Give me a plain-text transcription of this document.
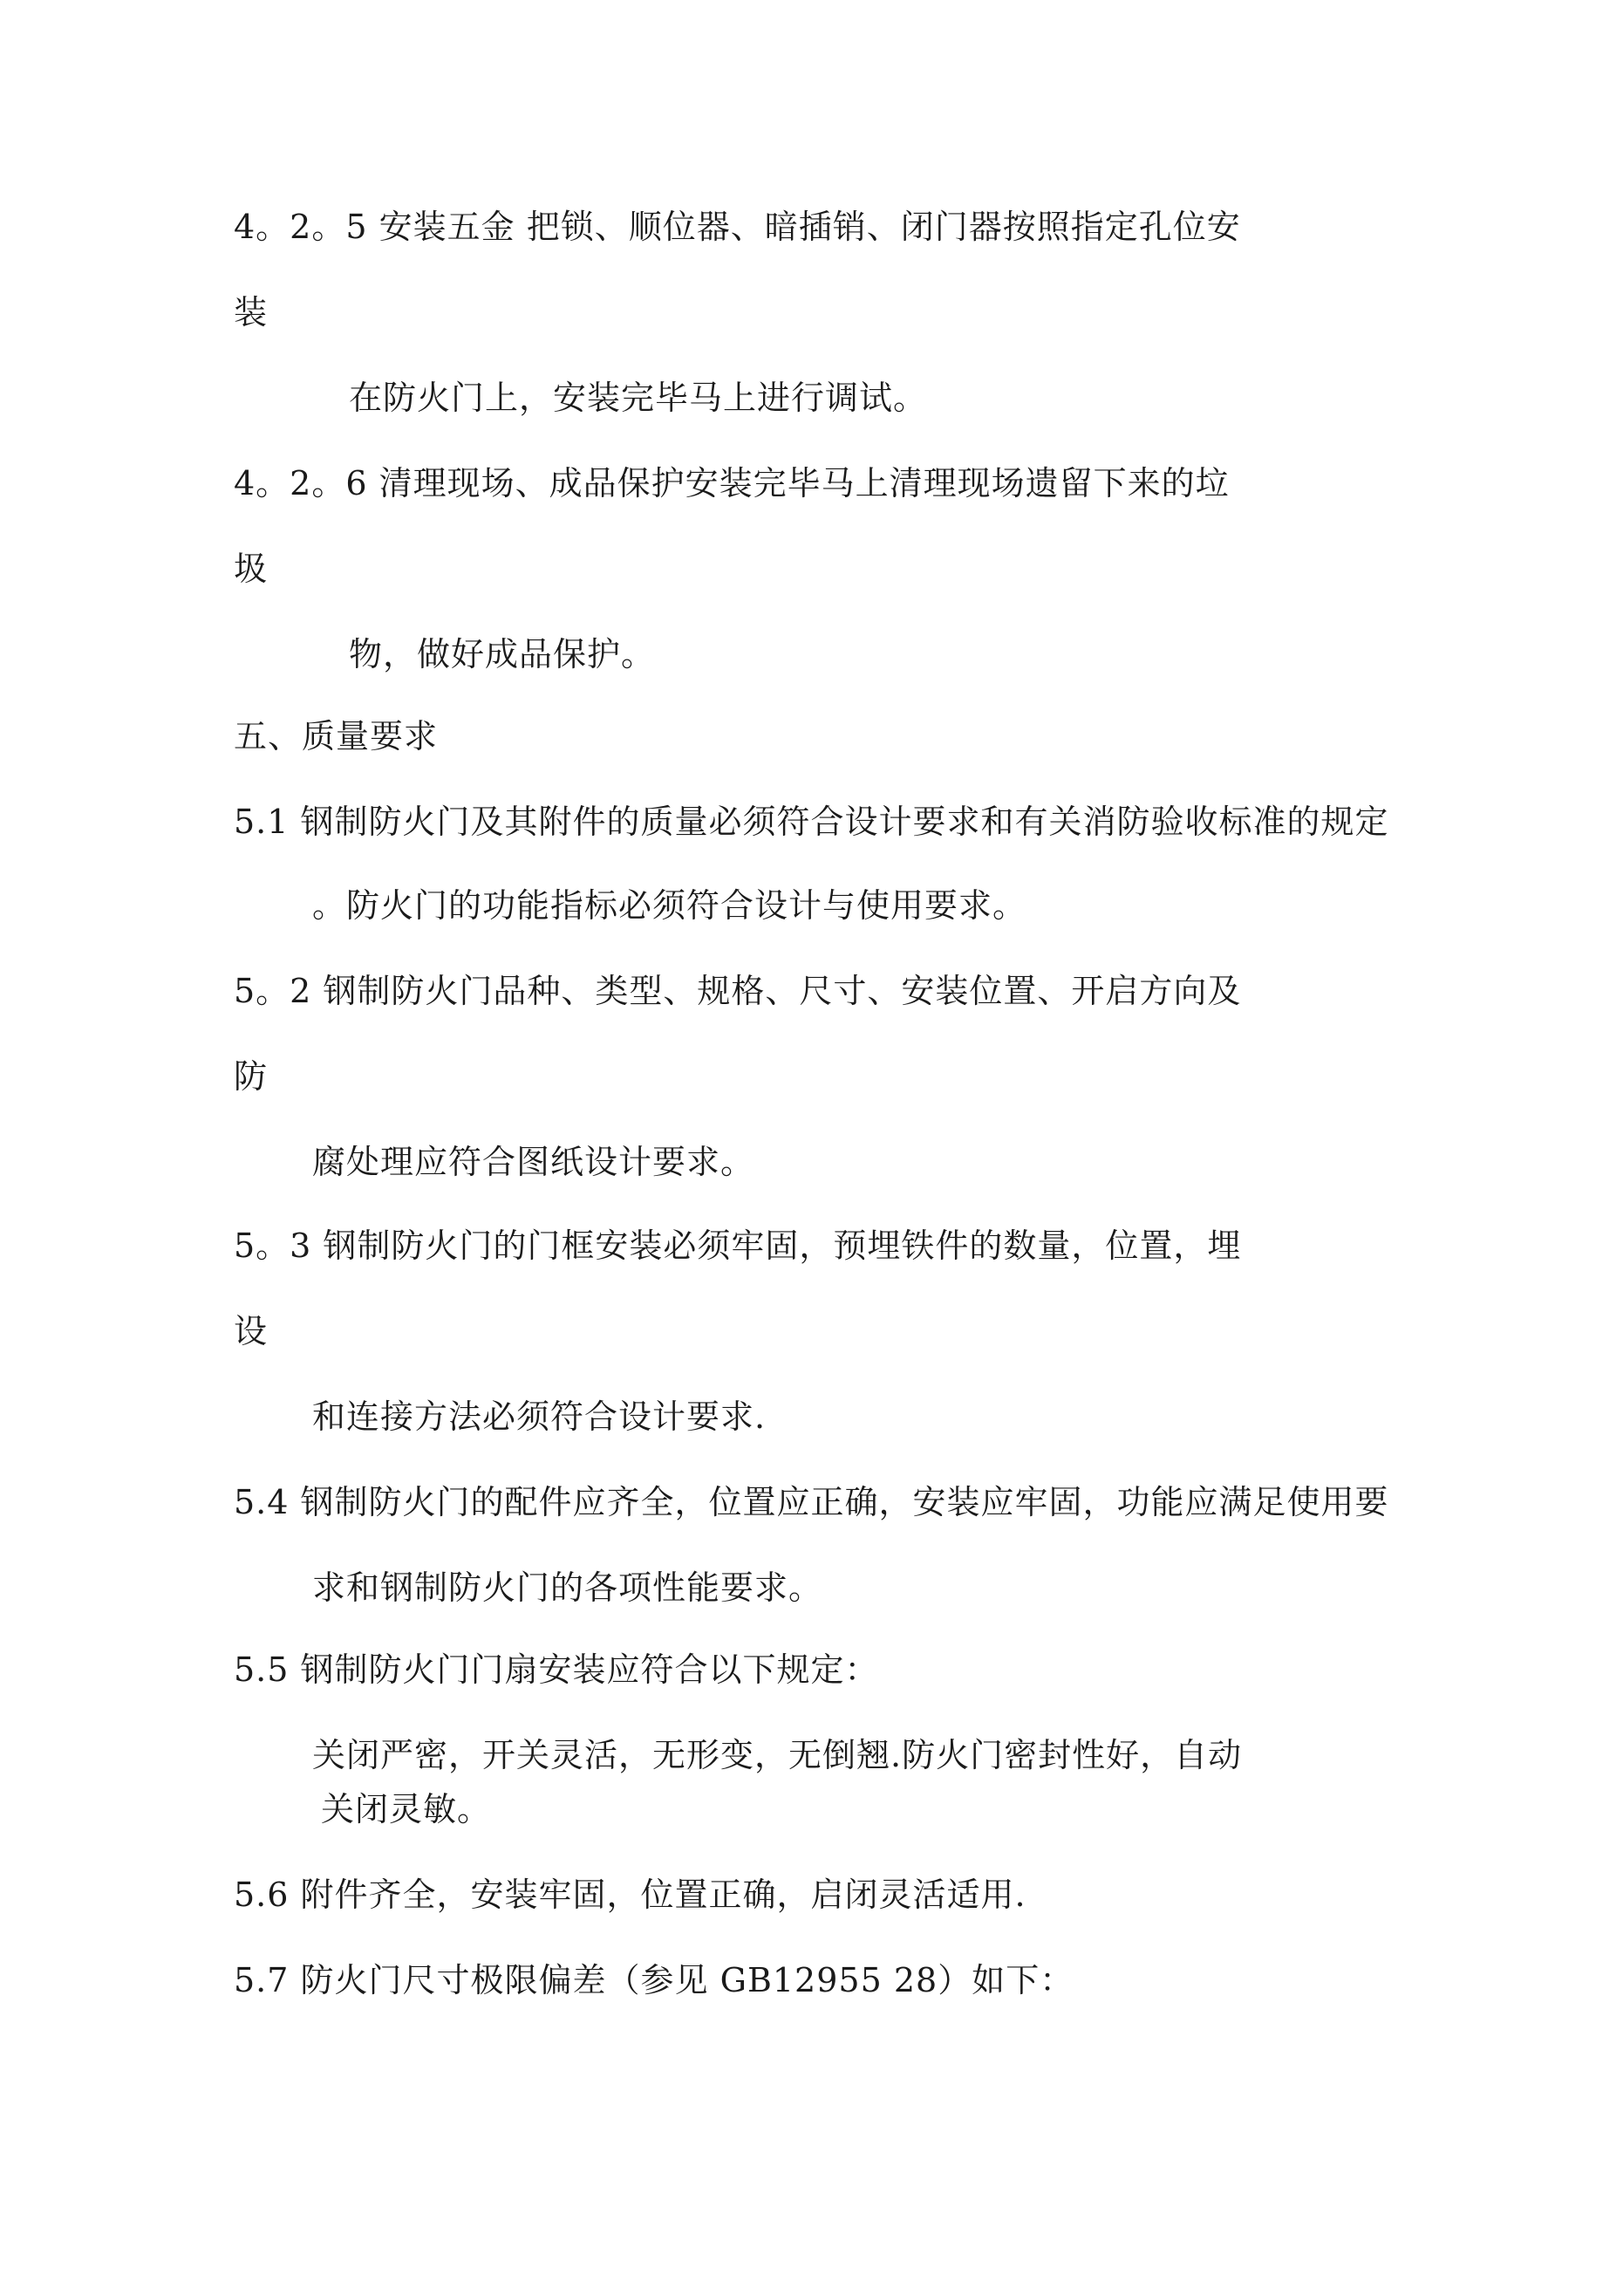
4。2。5 安装五金 把锁、顺位器、暗插销、闭门器按照指定孔位安
装
在防火门上，安装完毕马上进行调试。
4。2。6 清理现场、成品保护安装完毕马上清理现场遗留下来的垃
圾
物，做好成品保护。
五、质量要求
5.1 钢制防火门及其附件的质量必须符合设计要求和有关消防验收标准的规定
。防火门的功能指标必须符合设计与使用要求。
5。2 钢制防火门品种、类型、规格、尺寸、安装位置、开启方向及
防
腐处理应符合图纸设计要求。
5。3 钢制防火门的门框安装必须牢固，预埋铁件的数量，位置，埋
设
和连接方法必须符合设计要求.
5.4 钢制防火门的配件应齐全，位置应正确，安装应牢固，功能应满足使用要
求和钢制防火门的各项性能要求。
5.5 钢制防火门门扇安装应符合以下规定：
关闭严密，开关灵活，无形变，无倒翘.防火门密封性好，自动
关闭灵敏。
5.6 附件齐全，安装牢固，位置正确，启闭灵活适用.
5.7 防火门尺寸极限偏差（参见 GB12955 28）如下：
